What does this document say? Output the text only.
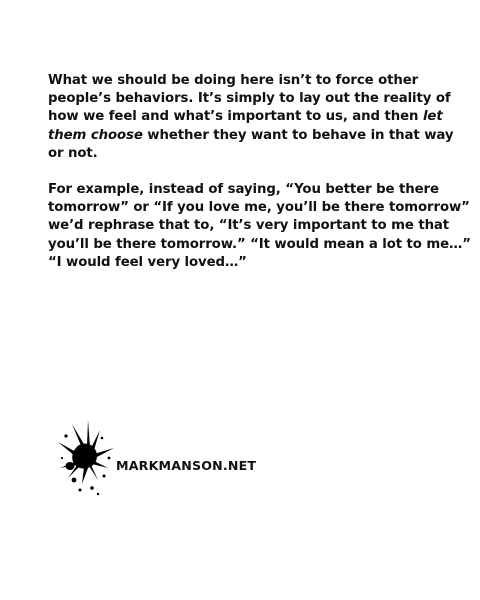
What we should be doing here isn’t to force other
people’s behaviors. It’s simply to lay out the reality of
how we feel and what’s important to us, and then let
them choose whether they want to behave in that way
or not.

For example, instead of saying, “You better be there
tomorrow” or “If you love me, you’ll be there tomorrow”
we’d rephrase that to, “It’s very important to me that
you’ll be there tomorrow.” “It would mean a lot to me…”
“I would feel very loved…”

MARKMANSON.NET
